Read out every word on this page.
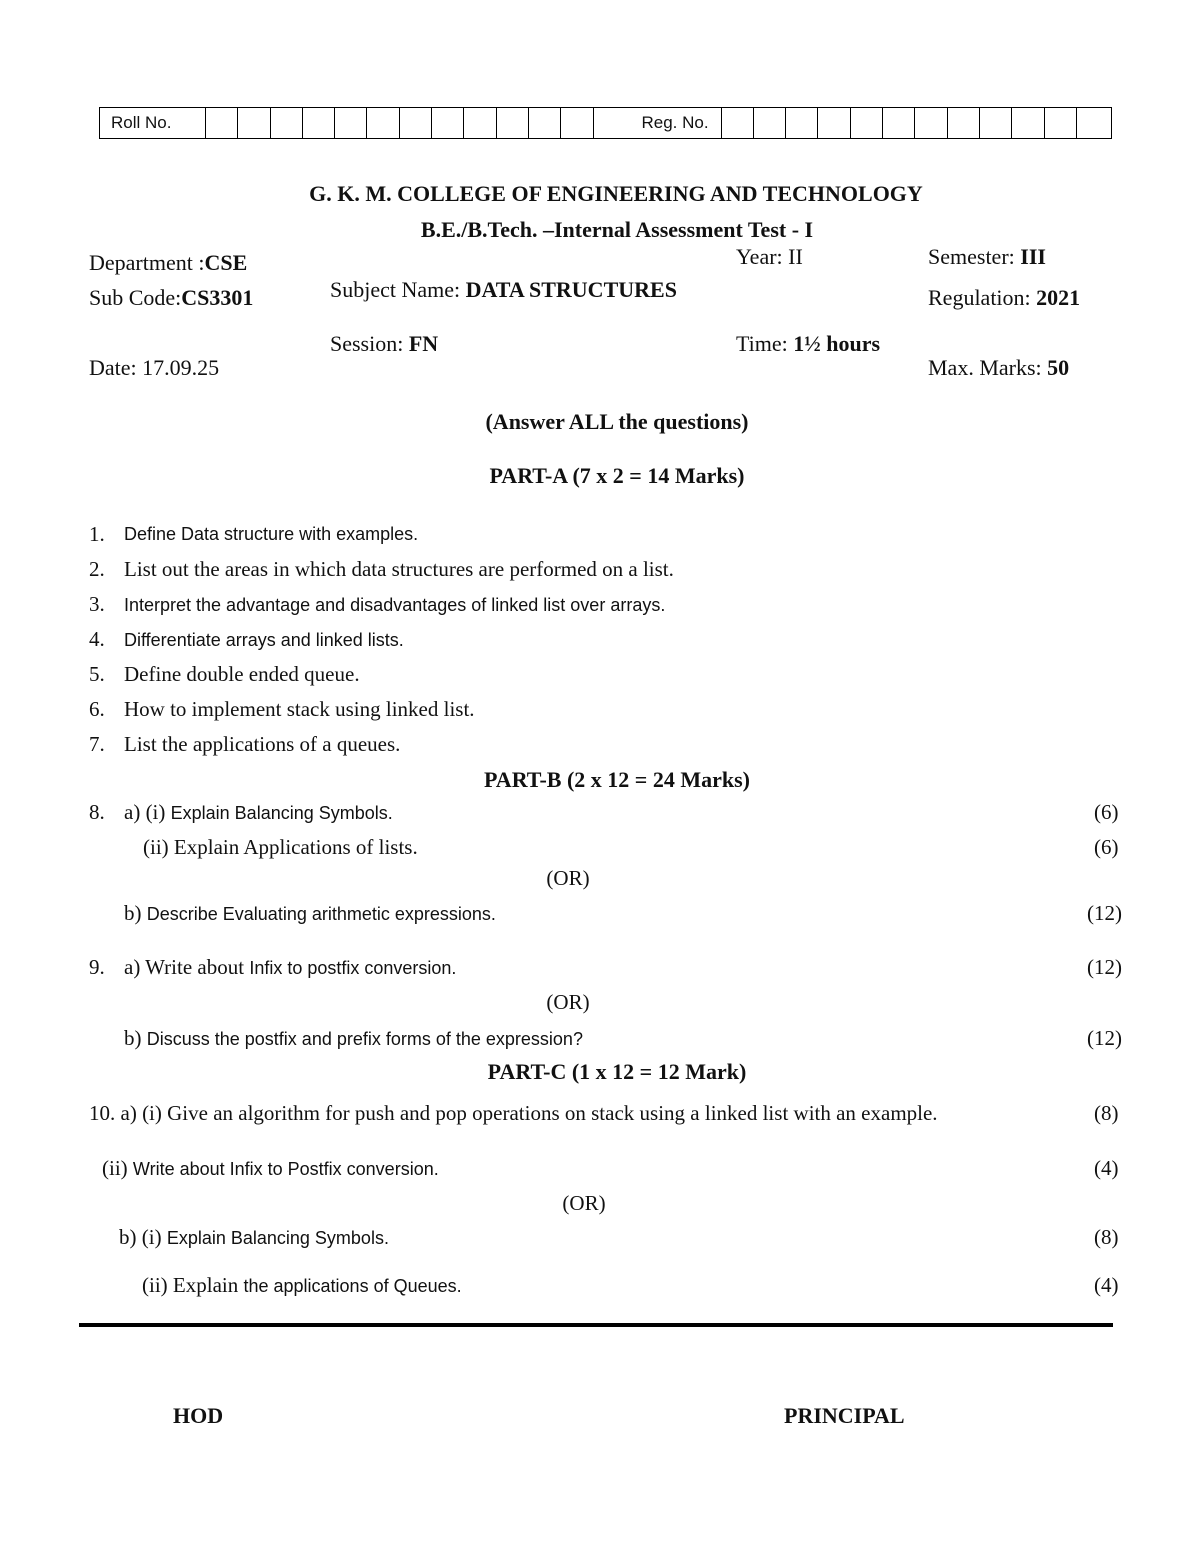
Roll No.	Reg. No.
G. K. M. COLLEGE OF ENGINEERING AND TECHNOLOGY
B.E./B.Tech. –Internal Assessment Test - I
Department :CSE	Year: II	Semester: III
Sub Code:CS3301	Subject Name: DATA STRUCTURES	Regulation: 2021
Session: FN	Time: 1½ hours
Date: 17.09.25	Max. Marks: 50
(Answer ALL the questions)
PART-A (7 x 2 = 14 Marks)
1. Define Data structure with examples.
2. List out the areas in which data structures are performed on a list.
3. Interpret the advantage and disadvantages of linked list over arrays.
4. Differentiate arrays and linked lists.
5. Define double ended queue.
6. How to implement stack using linked list.
7. List the applications of a queues.
PART-B (2 x 12 = 24 Marks)
8. a) (i) Explain Balancing Symbols.	(6)
(ii) Explain Applications of lists.	(6)
(OR)
b) Describe Evaluating arithmetic expressions.	(12)
9. a) Write about Infix to postfix conversion.	(12)
(OR)
b) Discuss the postfix and prefix forms of the expression?	(12)
PART-C (1 x 12 = 12 Mark)
10. a) (i) Give an algorithm for push and pop operations on stack using a linked list with an example.	(8)
(ii) Write about Infix to Postfix conversion.	(4)
(OR)
b) (i) Explain Balancing Symbols.	(8)
(ii) Explain the applications of Queues.	(4)
HOD	PRINCIPAL
